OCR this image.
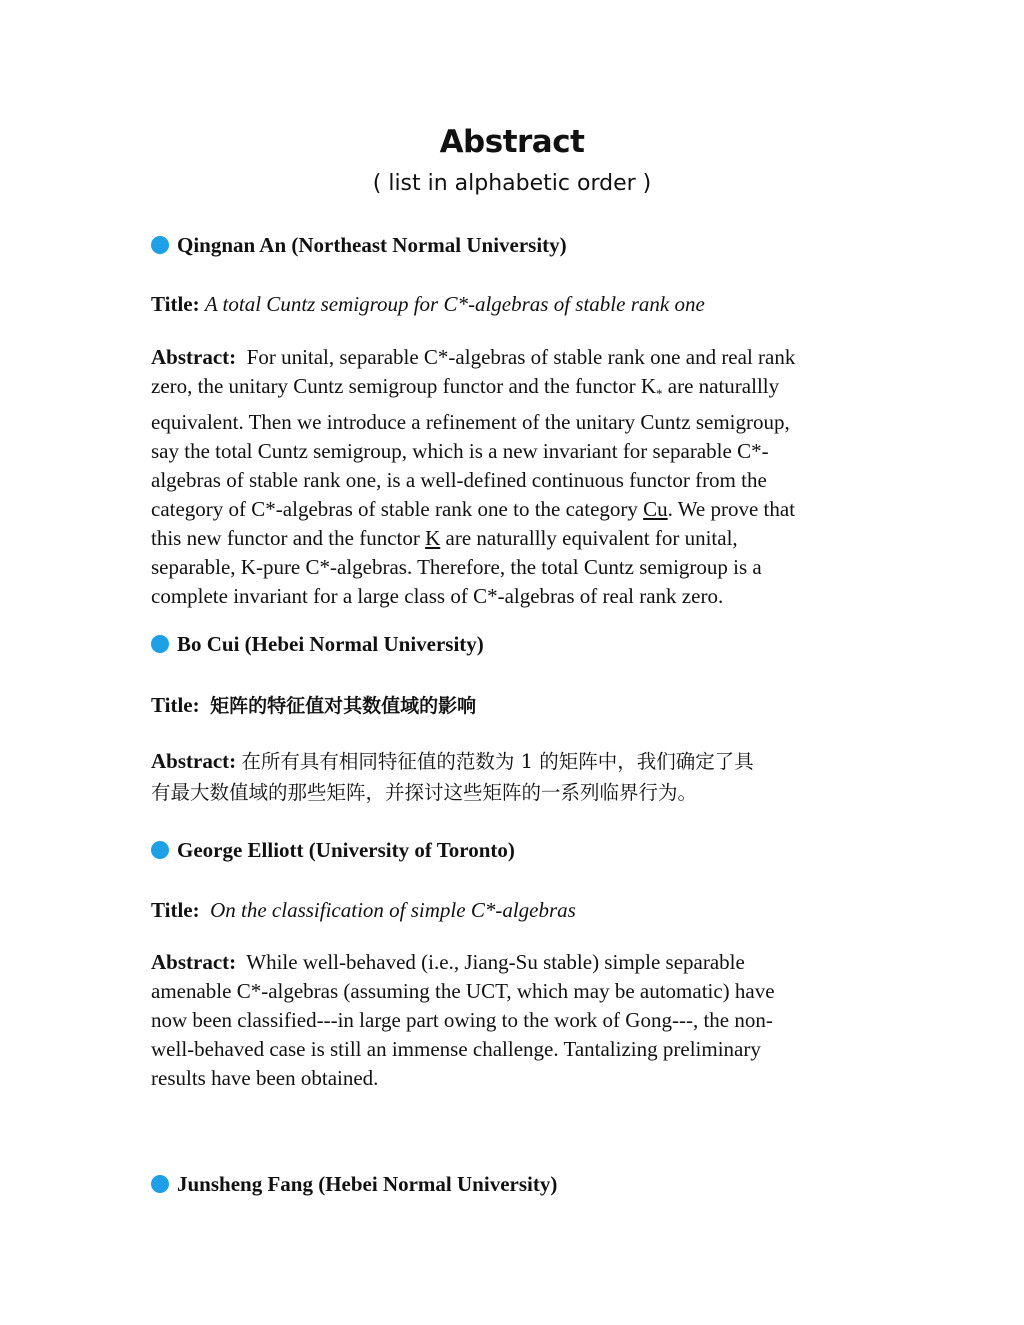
Abstract
( list in alphabetic order )
Qingnan An (Northeast Normal University)

Title: A total Cuntz semigroup for C*-algebras of stable rank one

Abstract: For unital, separable C*-algebras of stable rank one and real rank

zero, the unitary Cuntz semigroup functor and the functor $K_*$ are naturallly

equivalent. Then we introduce a refinement of the unitary Cuntz semigroup,

say the total Cuntz semigroup, which is a new invariant for separable C*-

algebras of stable rank one, is a well-defined continuous functor from the

category of C*-algebras of stable rank one to the category Cu. We prove that

this new functor and the functor K are naturallly equivalent for unital,

separable, K-pure C*-algebras. Therefore, the total Cuntz semigroup is a

complete invariant for a large class of C*-algebras of real rank zero.

Bo Cui (Hebei Normal University)

Title: 矩阵的特征值对其数值域的影响

Abstract: 在所有具有相同特征值的范数为 1 的矩阵中，我们确定了具

有最大数值域的那些矩阵，并探讨这些矩阵的一系列临界行为。

George Elliott (University of Toronto)

Title: On the classification of simple C*-algebras

Abstract: While well-behaved (i.e., Jiang-Su stable) simple separable

amenable C*-algebras (assuming the UCT, which may be automatic) have

now been classified---in large part owing to the work of Gong---, the non-

well-behaved case is still an immense challenge. Tantalizing preliminary

results have been obtained.

Junsheng Fang (Hebei Normal University)
